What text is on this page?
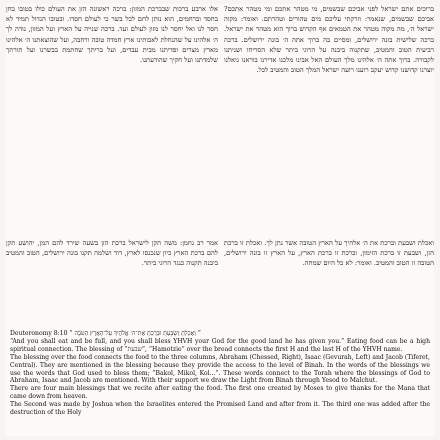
ברוכים אתם ישראל לפני אביכם שבשמים, מי מטהר אתכם ומי מטהר אתכם? אביכם שבשמים, שנאמר: וזרקתי עליכם מים טהורים וטהרתם. ואומר: מקוה ישראל ה׳, מה מקוה מטהר את הטמאים אף הקדוש ברוך הוא מטהר את ישראל. ברכה שלישית בונה ירושלים, ומסיים בה ברוך אתה ה׳ בונה ירושלים. ברכה רביעית הטוב והמטיב, שתקנוה ביבנה על הרוגי ביתר שלא הסריחו ושניתנו לקבורה. ברוך אתה ה׳ אלהינו מלך העולם האל אבינו מלכנו אדירנו בוראנו גואלנו יוצרנו קדושנו קדוש יעקב רוענו רועה ישראל המלך הטוב והמטיב לכל.

אלו ארבע ברכות שבברכת המזון: ברכה ראשונה הזן את העולם כולו בטובו בחן בחסד וברחמים, הוא נותן לחם לכל בשר כי לעולם חסדו. ובטובו הגדול תמיד לא חסר לנו ואל יחסר לנו מזון לעולם ועד. ברכה שנייה על הארץ ועל המזון, נודה לך ה׳ אלהינו על שהנחלת לאבותינו ארץ חמדה טובה ורחבה, ועל שהוצאתנו ה׳ אלהינו מארץ מצרים ופדיתנו מבית עבדים, ועל בריתך שחתמת בבשרנו ועל תורתך שלמדתנו ועל חקיך שהודעתנו.

ואכלת ושבעת וברכת את ה׳ אלהיך על הארץ הטובה אשר נתן לך. ואכלת זו ברכת הזן, ושבעת זו ברכת הזימון, וברכת זו ברכת הארץ, על הארץ זו בונה ירושלים, הטובה זו הטוב והמטיב. ואומר: לא כל היום שמחה.

אמר רב נחמן: משה תקן לישראל ברכת הזן בשעה שירד להם המן, יהושע תקן להם ברכת הארץ כיון שנכנסו לארץ, דוד ושלמה תקנו בונה ירושלים, הטוב והמטיב ביבנה תקנוה כנגד הרוגי ביתר.

Deuteronomy 8:10 “ וְאָכַלְתָּ וְשָׂבָעְתָּ וּבֵרַכְתָּ אֶת־ה׳ אֱלֹהֶיךָ עַל־הָאָרֶץ הַטֹּבָה ”

“And you shall eat and be full, and you shall bless YHVH your God for the good land he has given you.” Eating food can be a high spiritual connection. The blessing of “שבעת”, “Hamotzie” over the bread connects the first H and the last H of the YHVH name.

The blessing over the food connects the food to the three columns, Abraham (Chessed, Right), Isaac (Gevurah, Left) and Jacob (Tiferet, Central). They are mentioned in the blessing because they provide the access to the level of Binah. In the words of the blessings we use the words that God used to bless them; “Bakol, Mikol, Kol...”. These words connect to the Torah where the blessings of God to Abraham, Isaac and Jacob are mentioned. With their support we draw the Light from Binah through Yesod to Malchut.

There are four main blessings that we recite after eating the food. The first one created by Moses to give thanks for the Mana that came down from heaven.

The Second was made by Joshua when the Israelites entered the Promised Land and after from it. The third one was added after the destruction of the Holy
